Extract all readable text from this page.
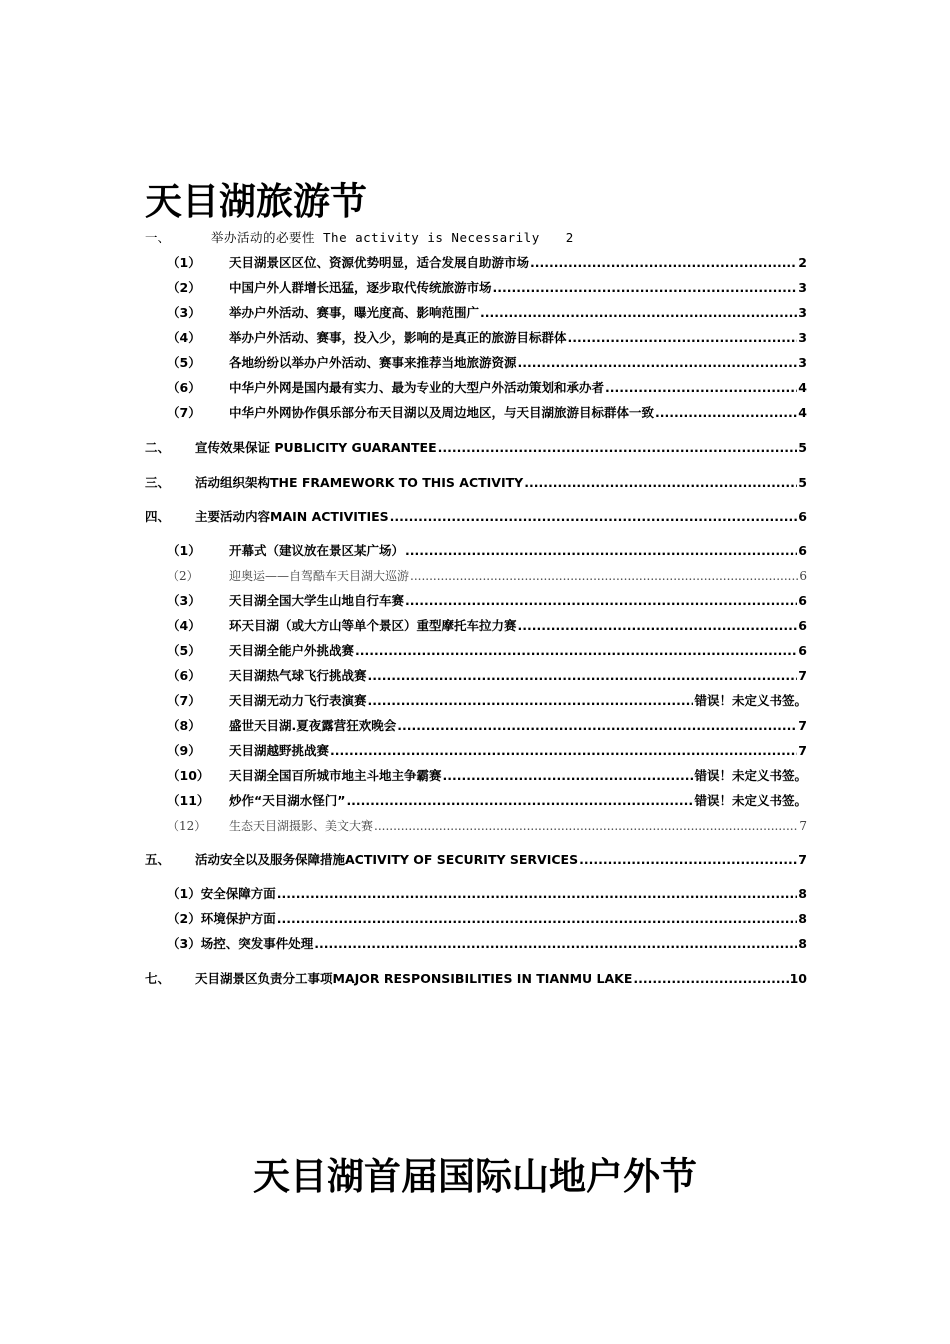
天目湖旅游节
一、	举办活动的必要性 The activity is Necessarily 2
（1）	天目湖景区区位、资源优势明显，适合发展自助游市场 .....	2
（2）	中国户外人群增长迅猛，逐步取代传统旅游市场 .....	3
（3）	举办户外活动、赛事，曝光度高、影响范围广 .....	3
（4）	举办户外活动、赛事，投入少，影响的是真正的旅游目标群体 .....	3
（5）	各地纷纷以举办户外活动、赛事来推荐当地旅游资源 .....	3
（6）	中华户外网是国内最有实力、最为专业的大型户外活动策划和承办者 .....	4
（7）	中华户外网协作俱乐部分布天目湖以及周边地区，与天目湖旅游目标群体一致 .....	4
二、	宣传效果保证 PUBLICITY GUARANTEE .....	5
三、	活动组织架构THE FRAMEWORK TO THIS ACTIVITY .....	5
四、	主要活动内容MAIN ACTIVITIES .....	6
（1）	开幕式（建议放在景区某广场） .....	6
（2）	迎奥运——自驾酷车天目湖大巡游 .....	6
（3）	天目湖全国大学生山地自行车赛 .....	6
（4）	环天目湖（或大方山等单个景区）重型摩托车拉力赛 .....	6
（5）	天目湖全能户外挑战赛 .....	6
（6）	天目湖热气球飞行挑战赛 .....	7
（7）	天目湖无动力飞行表演赛 .....	错误！未定义书签。
（8）	盛世天目湖.夏夜露营狂欢晚会 .....	7
（9）	天目湖越野挑战赛 .....	7
（10）	天目湖全国百所城市地主斗地主争霸赛 .....	错误！未定义书签。
（11）	炒作“天目湖水怪门” .....	错误！未定义书签。
（12）	生态天目湖摄影、美文大赛 .....	7
五、	活动安全以及服务保障措施ACTIVITY OF SECURITY SERVICES .....	7
（1） 安全保障方面 .....	8
（2） 环境保护方面 .....	8
（3） 场控、突发事件处理 .....	8
七、	天目湖景区负责分工事项MAJOR RESPONSIBILITIES IN TIANMU LAKE .....	10
天目湖首届国际山地户外节
